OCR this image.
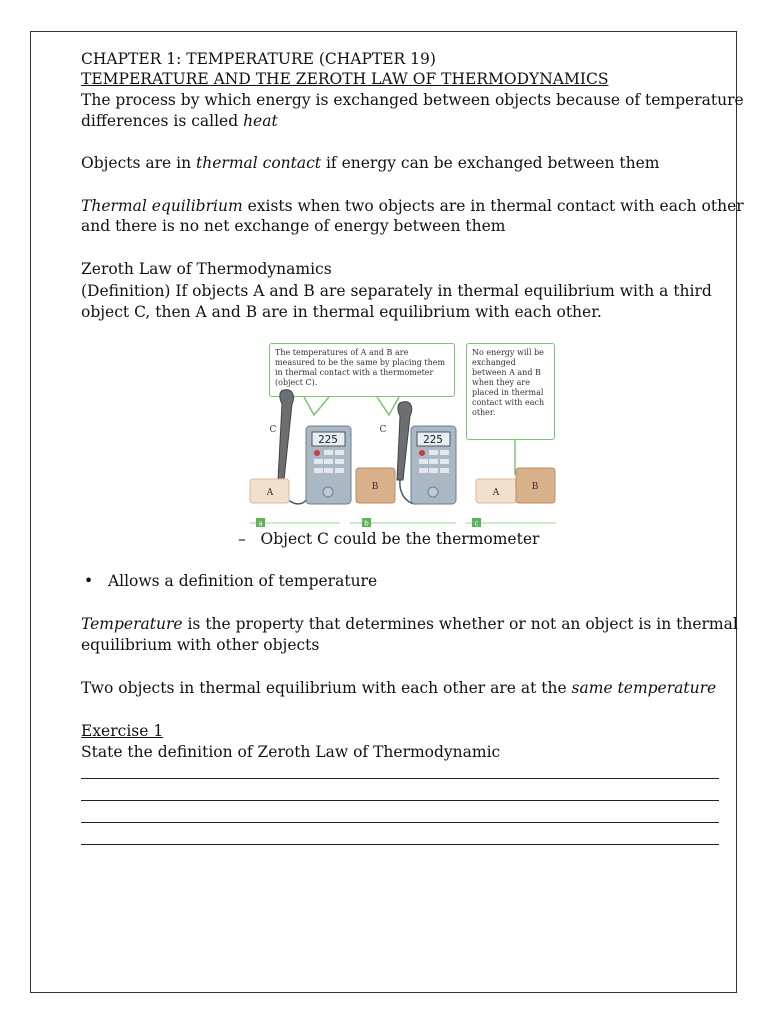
CHAPTER 1: TEMPERATURE (CHAPTER 19)
TEMPERATURE AND THE ZEROTH LAW OF THERMODYNAMICS
The process by which energy is exchanged between objects because of temperature
differences is called heat
Objects are in thermal contact if energy can be exchanged between them
Thermal equilibrium exists when two objects are in thermal contact with each other
and there is no net exchange of energy between them
Zeroth Law of Thermodynamics
(Definition) If objects A and B are separately in thermal equilibrium with a third
object C, then A and B are in thermal equilibrium with each other.
The temperatures of A and B are measured to be the same by placing them in thermal contact with a thermometer (object C).
No energy will be exchanged between A and B when they are placed in thermal contact with each other.
225
A
C
225
B
C
A
B
a	b	c
– Object C could be the thermometer
• Allows a definition of temperature
Temperature is the property that determines whether or not an object is in thermal
equilibrium with other objects
Two objects in thermal equilibrium with each other are at the same temperature
Exercise 1
State the definition of Zeroth Law of Thermodynamic
